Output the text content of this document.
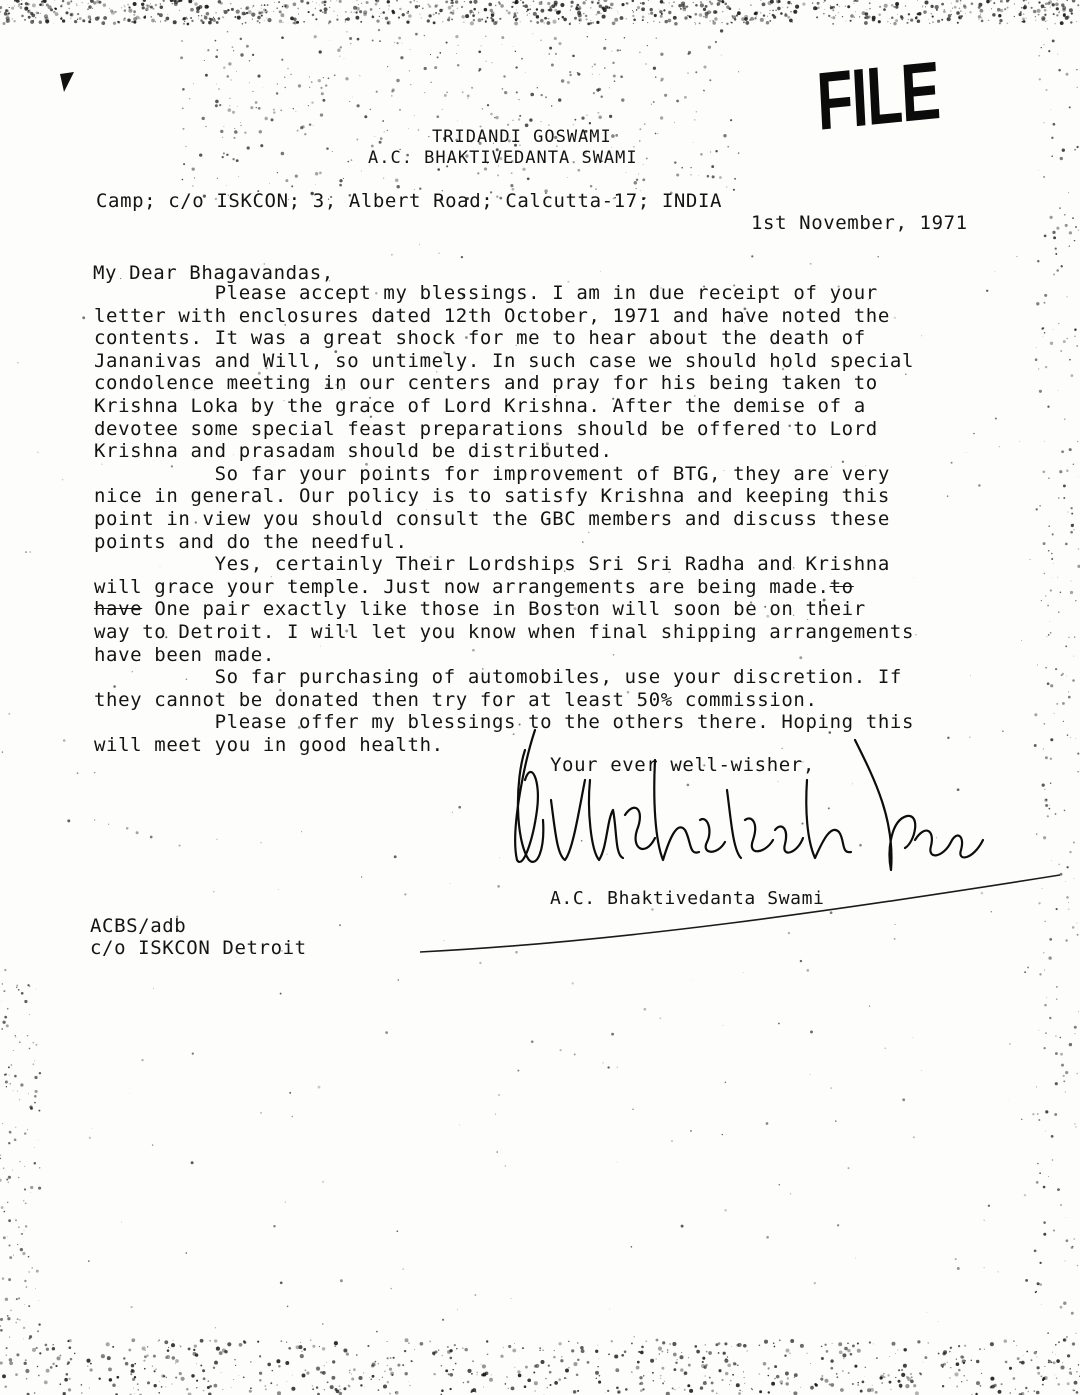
FILE
TRIDANDI GOSWAMI
A.C. BHAKTIVEDANTA SWAMI
Camp; c/o ISKCON; 3, Albert Road; Calcutta-17; INDIA
1st November, 1971
My Dear Bhagavandas,
Please accept my blessings. I am in due receipt of your
letter with enclosures dated 12th October, 1971 and have noted the
contents. It was a great shock for me to hear about the death of
Jananivas and Will, so untimely. In such case we should hold special
condolence meeting in our centers and pray for his being taken to
Krishna Loka by the grace of Lord Krishna. After the demise of a
devotee some special feast preparations should be offered to Lord
Krishna and prasadam should be distributed.
So far your points for improvement of BTG, they are very
nice in general. Our policy is to satisfy Krishna and keeping this
point in view you should consult the GBC members and discuss these
points and do the needful.
Yes, certainly Their Lordships Sri Sri Radha and Krishna
will grace your temple. Just now arrangements are being made.to
have One pair exactly like those in Boston will soon be on their
way to Detroit. I will let you know when final shipping arrangements
have been made.
So far purchasing of automobiles, use your discretion. If
they cannot be donated then try for at least 50% commission.
Please offer my blessings to the others there. Hoping this
will meet you in good health.
Your ever well-wisher,
A.C. Bhaktivedanta Swami
ACBS/adb
c/o ISKCON Detroit
